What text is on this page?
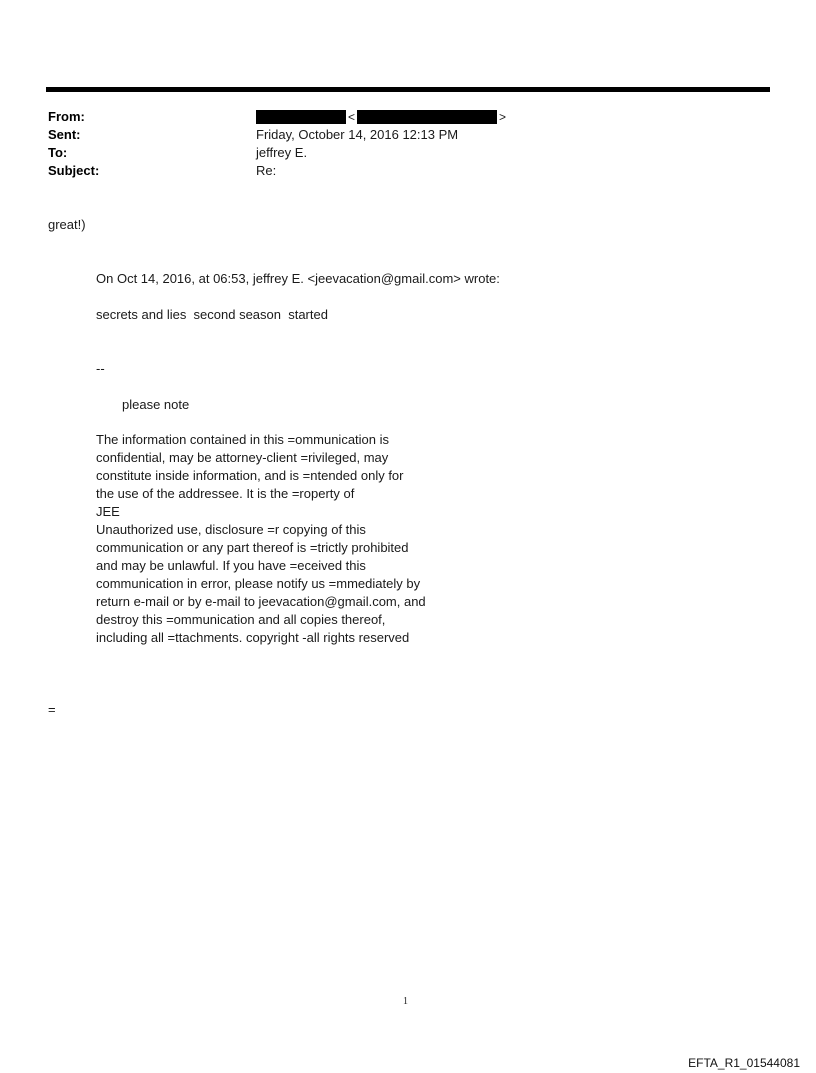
From:	<	>
Sent:	Friday, October 14, 2016 12:13 PM
To:	jeffrey E.
Subject:	Re:
great!)
On Oct 14, 2016, at 06:53, jeffrey E. <jeevacation@gmail.com> wrote:
secrets and lies  second season  started
--
please note
The information contained in this =ommunication is
confidential, may be attorney-client =rivileged, may
constitute inside information, and is =ntended only for
the use of the addressee. It is the =roperty of
JEE
Unauthorized use, disclosure =r copying of this
communication or any part thereof is =trictly prohibited
and may be unlawful. If you have =eceived this
communication in error, please notify us =mmediately by
return e-mail or by e-mail to jeevacation@gmail.com, and
destroy this =ommunication and all copies thereof,
including all =ttachments. copyright -all rights reserved
=
1
EFTA_R1_01544081
